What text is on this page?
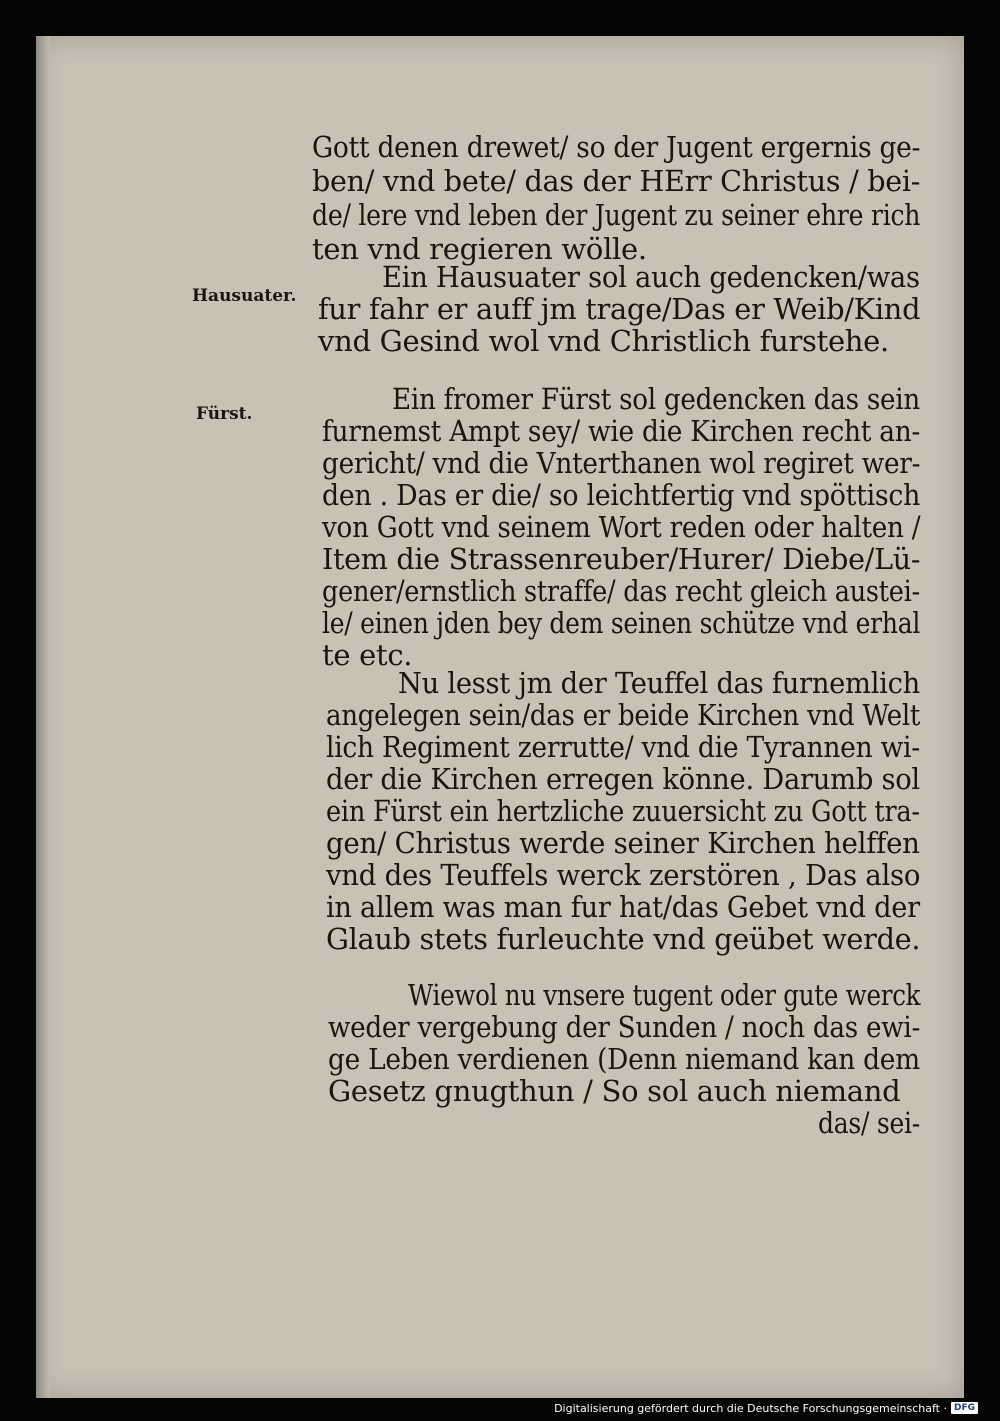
Hausuater.
Fürst.
Gott denen drewet/ so der Jugent ergernis ge-
ben/ vnd bete/ das der HErr Christus / bei-
de/ lere vnd leben der Jugent zu seiner ehre rich
ten vnd regieren wölle.
Ein Hausuater sol auch gedencken/was
fur fahr er auff jm trage/Das er Weib/Kind
vnd Gesind wol vnd Christlich furstehe.
Ein fromer Fürst sol gedencken das sein
furnemst Ampt sey/ wie die Kirchen recht an-
gericht/ vnd die Vnterthanen wol regiret wer-
den . Das er die/ so leichtfertig vnd spöttisch
von Gott vnd seinem Wort reden oder halten /
Item die Strassenreuber/Hurer/ Diebe/Lü-
gener/ernstlich straffe/ das recht gleich austei-
le/ einen jden bey dem seinen schütze vnd erhal
te etc.
Nu lesst jm der Teuffel das furnemlich
angelegen sein/das er beide Kirchen vnd Welt
lich Regiment zerrutte/ vnd die Tyrannen wi-
der die Kirchen erregen könne. Darumb sol
ein Fürst ein hertzliche zuuersicht zu Gott tra-
gen/ Christus werde seiner Kirchen helffen
vnd des Teuffels werck zerstören , Das also
in allem was man fur hat/das Gebet vnd der
Glaub stets furleuchte vnd geübet werde.
Wiewol nu vnsere tugent oder gute werck
weder vergebung der Sunden / noch das ewi-
ge Leben verdienen (Denn niemand kan dem
Gesetz gnugthun / So sol auch niemand
das/ sei-
Digitalisierung gefördert durch die Deutsche Forschungsgemeinschaft · DFG
